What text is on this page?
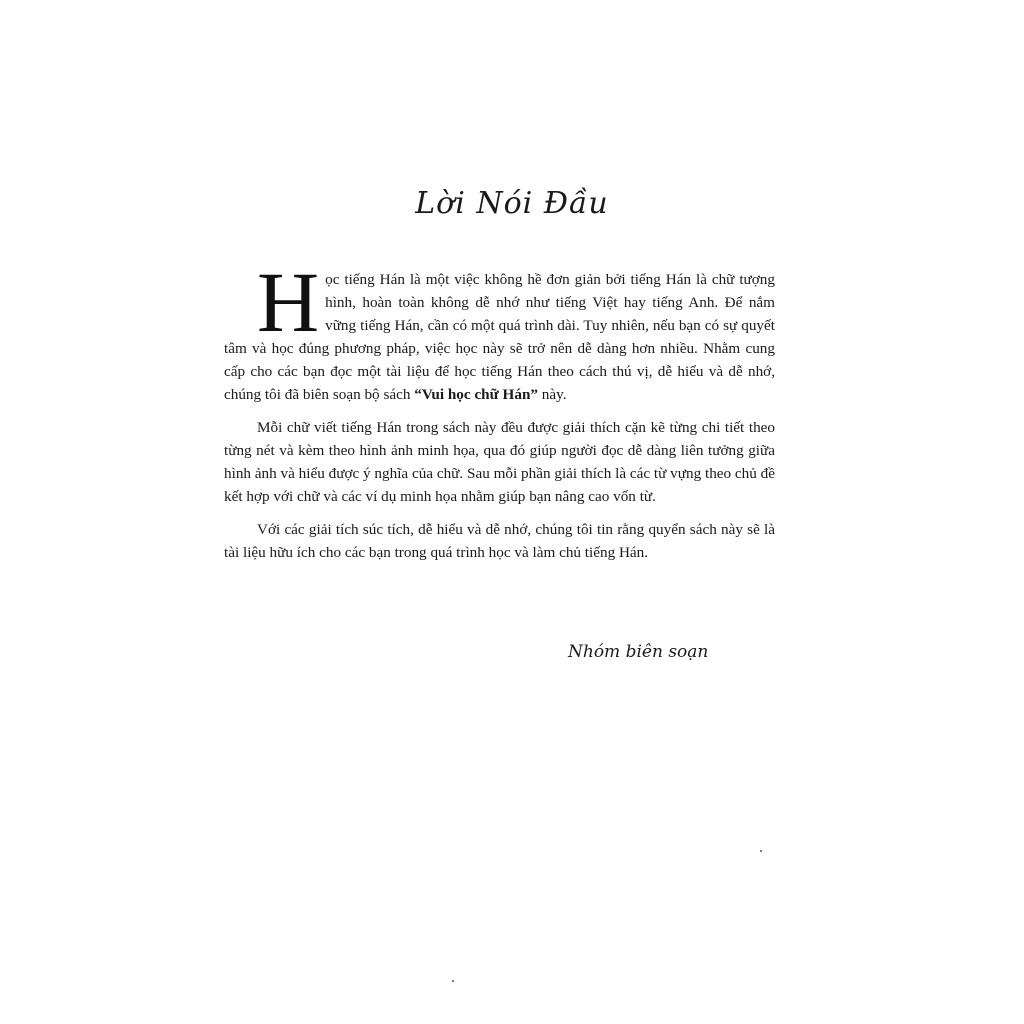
Lời Nói Đầu

Học tiếng Hán là một việc không hề đơn giản bởi tiếng Hán là chữ tượng hình, hoàn toàn không dễ nhớ như tiếng Việt hay tiếng Anh. Để nắm vững tiếng Hán, cần có một quá trình dài. Tuy nhiên, nếu bạn có sự quyết tâm và học đúng phương pháp, việc học này sẽ trở nên dễ dàng hơn nhiều. Nhằm cung cấp cho các bạn đọc một tài liệu để học tiếng Hán theo cách thú vị, dễ hiểu và dễ nhớ, chúng tôi đã biên soạn bộ sách “Vui học chữ Hán” này.

Mỗi chữ viết tiếng Hán trong sách này đều được giải thích cặn kẽ từng chi tiết theo từng nét và kèm theo hình ảnh minh họa, qua đó giúp người đọc dễ dàng liên tưởng giữa hình ảnh và hiểu được ý nghĩa của chữ. Sau mỗi phần giải thích là các từ vựng theo chủ đề kết hợp với chữ và các ví dụ minh họa nhằm giúp bạn nâng cao vốn từ.

Với các giải tích súc tích, dễ hiểu và dễ nhớ, chúng tôi tin rằng quyển sách này sẽ là tài liệu hữu ích cho các bạn trong quá trình học và làm chủ tiếng Hán.

Nhóm biên soạn
